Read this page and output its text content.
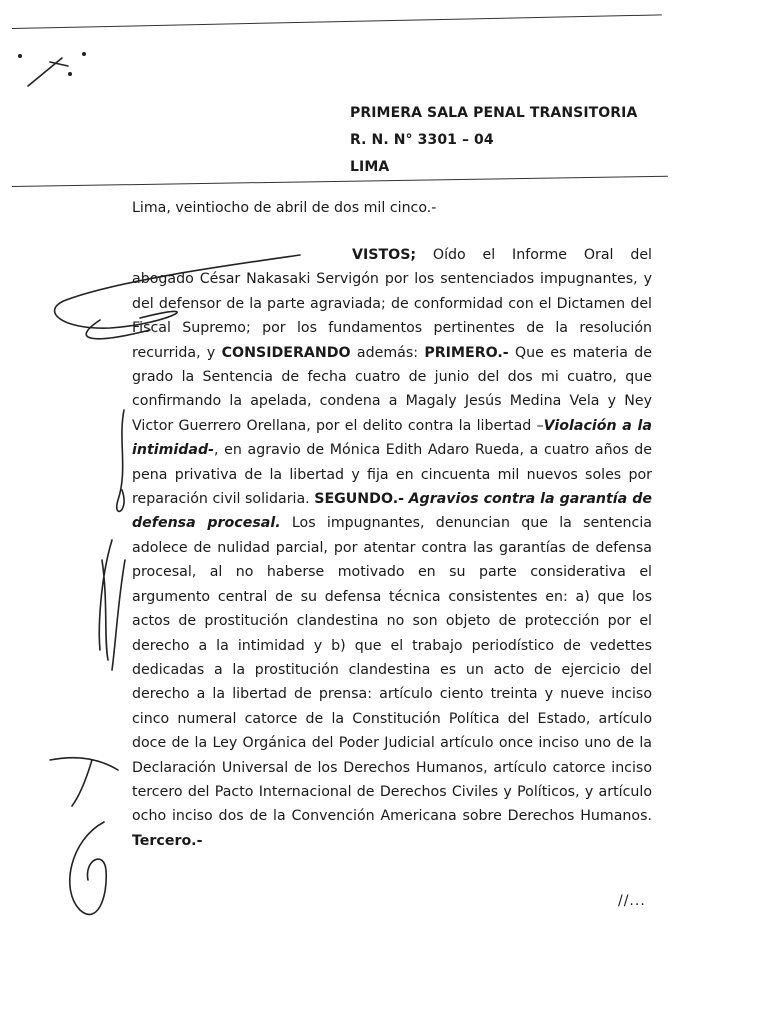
PRIMERA SALA PENAL TRANSITORIA
R. N. N° 3301 – 04
LIMA
Lima, veintiocho de abril de dos mil cinco.-
VISTOS; Oído el Informe Oral del abogado César Nakasaki Servigón por los sentenciados impugnantes, y del defensor de la parte agraviada; de conformidad con el Dictamen del Fiscal Supremo; por los fundamentos pertinentes de la resolución recurrida, y CONSIDERANDO además: PRIMERO.- Que es materia de grado la Sentencia de fecha cuatro de junio del dos mi cuatro, que confirmando la apelada, condena a Magaly Jesús Medina Vela y Ney Victor Guerrero Orellana, por el delito contra la libertad –Violación a la intimidad-, en agravio de Mónica Edith Adaro Rueda, a cuatro años de pena privativa de la libertad y fija en cincuenta mil nuevos soles por reparación civil solidaria. SEGUNDO.- Agravios contra la garantía de defensa procesal. Los impugnantes, denuncian que la sentencia adolece de nulidad parcial, por atentar contra las garantías de defensa procesal, al no haberse motivado en su parte considerativa el argumento central de su defensa técnica consistentes en: a) que los actos de prostitución clandestina no son objeto de protección por el derecho a la intimidad y b) que el trabajo periodístico de vedettes dedicadas a la prostitución clandestina es un acto de ejercicio del derecho a la libertad de prensa: artículo ciento treinta y nueve inciso cinco numeral catorce de la Constitución Política del Estado, artículo doce de la Ley Orgánica del Poder Judicial artículo once inciso uno de la Declaración Universal de los Derechos Humanos, artículo catorce inciso tercero del Pacto Internacional de Derechos Civiles y Políticos, y artículo ocho inciso dos de la Convención Americana sobre Derechos Humanos. Tercero.-
//...
